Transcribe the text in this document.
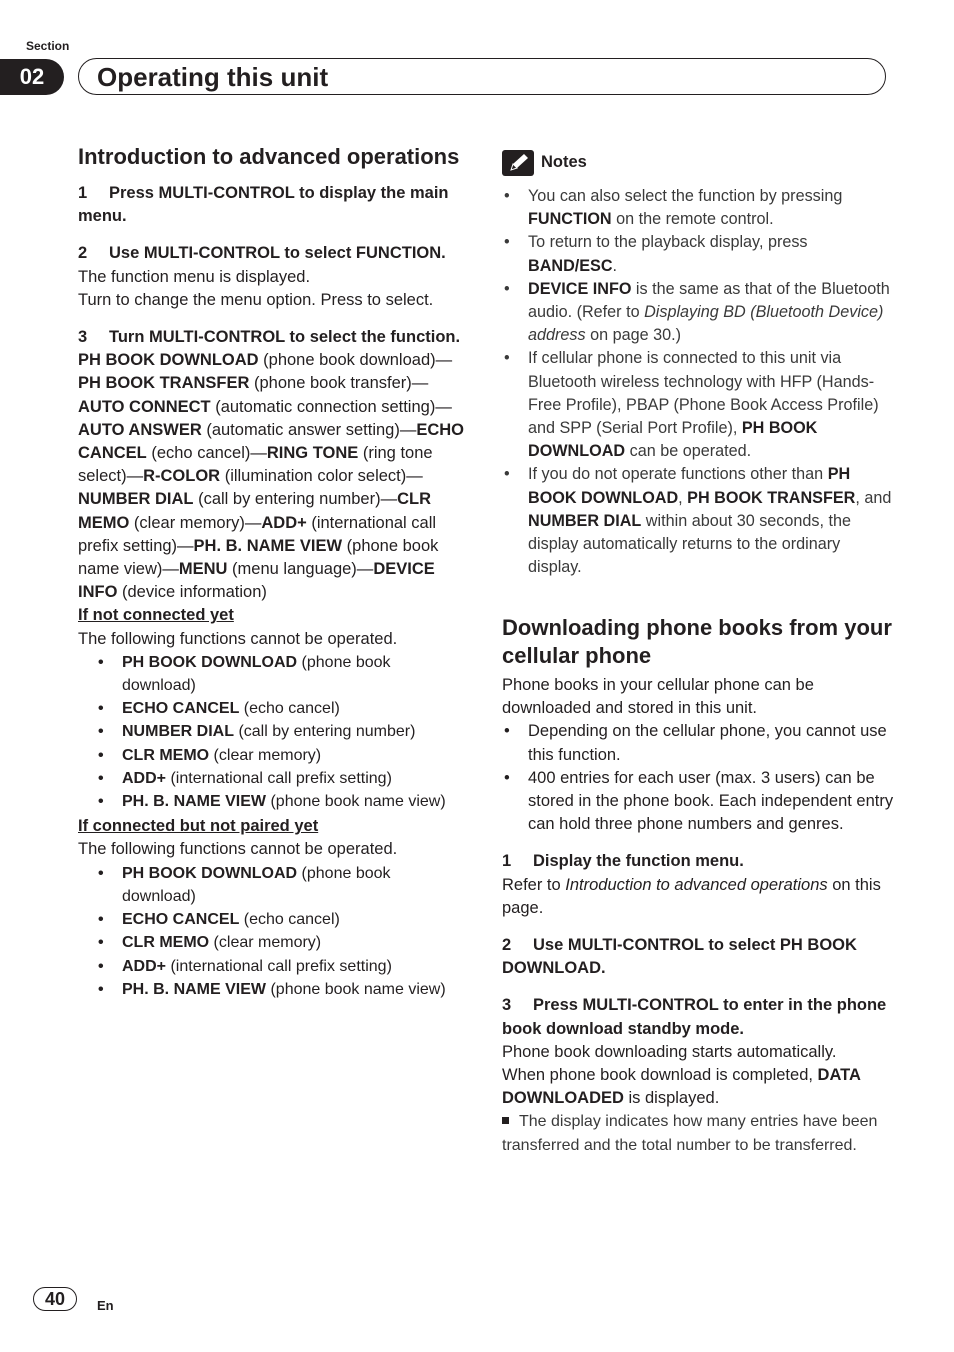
Section
02	Operating this unit
Introduction to advanced operations

1 Press MULTI-CONTROL to display the main menu.

2 Use MULTI-CONTROL to select FUNCTION.

The function menu is displayed.

Turn to change the menu option. Press to select.

3 Turn MULTI-CONTROL to select the function.

PH BOOK DOWNLOAD (phone book download)—PH BOOK TRANSFER (phone book transfer)—AUTO CONNECT (automatic connection setting)—AUTO ANSWER (automatic answer setting)—ECHO CANCEL (echo cancel)—RING TONE (ring tone select)—R-COLOR (illumination color select)—NUMBER DIAL (call by entering number)—CLR MEMO (clear memory)—ADD+ (international call prefix setting)—PH. B. NAME VIEW (phone book name view)—MENU (menu language)—DEVICE INFO (device information)

If not connected yet

The following functions cannot be operated.

• PH BOOK DOWNLOAD (phone book download)
• ECHO CANCEL (echo cancel)
• NUMBER DIAL (call by entering number)
• CLR MEMO (clear memory)
• ADD+ (international call prefix setting)
• PH. B. NAME VIEW (phone book name view)

If connected but not paired yet

The following functions cannot be operated.

• PH BOOK DOWNLOAD (phone book download)
• ECHO CANCEL (echo cancel)
• CLR MEMO (clear memory)
• ADD+ (international call prefix setting)
• PH. B. NAME VIEW (phone book name view)
Notes
• You can also select the function by pressing FUNCTION on the remote control.
• To return to the playback display, press BAND/ESC.
• DEVICE INFO is the same as that of the Bluetooth audio. (Refer to Displaying BD (Bluetooth Device) address on page 30.)
• If cellular phone is connected to this unit via Bluetooth wireless technology with HFP (Hands-Free Profile), PBAP (Phone Book Access Profile) and SPP (Serial Port Profile), PH BOOK DOWNLOAD can be operated.
• If you do not operate functions other than PH BOOK DOWNLOAD, PH BOOK TRANSFER, and NUMBER DIAL within about 30 seconds, the display automatically returns to the ordinary display.
Downloading phone books from your cellular phone

Phone books in your cellular phone can be downloaded and stored in this unit.

• Depending on the cellular phone, you cannot use this function.
• 400 entries for each user (max. 3 users) can be stored in the phone book. Each independent entry can hold three phone numbers and genres.

1 Display the function menu.

Refer to Introduction to advanced operations on this page.

2 Use MULTI-CONTROL to select PH BOOK DOWNLOAD.

3 Press MULTI-CONTROL to enter in the phone book download standby mode.

Phone book downloading starts automatically.

When phone book download is completed, DATA DOWNLOADED is displayed.

The display indicates how many entries have been transferred and the total number to be transferred.

40	En
